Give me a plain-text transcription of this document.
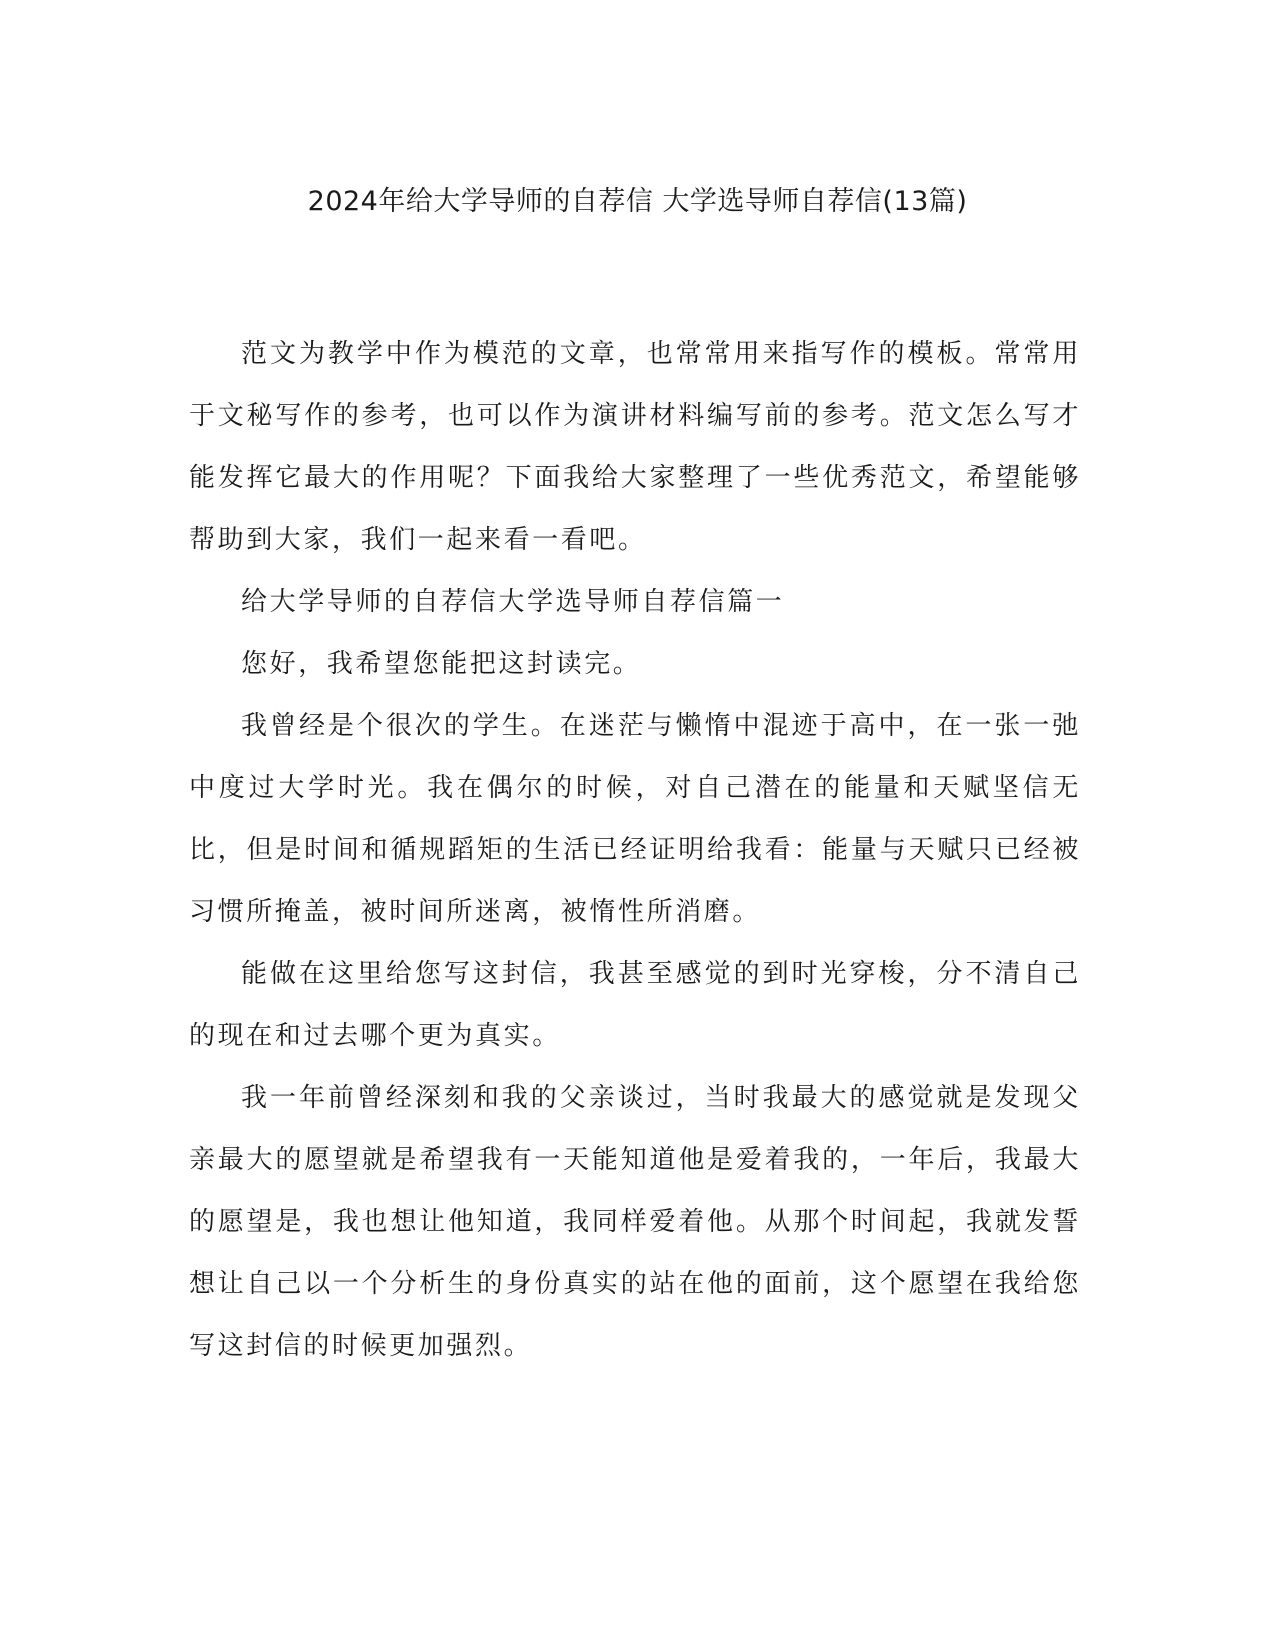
2024年给大学导师的自荐信 大学选导师自荐信(13篇)

范文为教学中作为模范的文章，也常常用来指写作的模板。常常用于文秘写作的参考，也可以作为演讲材料编写前的参考。范文怎么写才能发挥它最大的作用呢？下面我给大家整理了一些优秀范文，希望能够帮助到大家，我们一起来看一看吧。

给大学导师的自荐信大学选导师自荐信篇一

您好，我希望您能把这封读完。

我曾经是个很次的学生。在迷茫与懒惰中混迹于高中，在一张一弛中度过大学时光。我在偶尔的时候，对自己潜在的能量和天赋坚信无比，但是时间和循规蹈矩的生活已经证明给我看：能量与天赋只已经被习惯所掩盖，被时间所迷离，被惰性所消磨。

能做在这里给您写这封信，我甚至感觉的到时光穿梭，分不清自己的现在和过去哪个更为真实。

我一年前曾经深刻和我的父亲谈过，当时我最大的感觉就是发现父亲最大的愿望就是希望我有一天能知道他是爱着我的，一年后，我最大的愿望是，我也想让他知道，我同样爱着他。从那个时间起，我就发誓想让自己以一个分析生的身份真实的站在他的面前，这个愿望在我给您写这封信的时候更加强烈。
